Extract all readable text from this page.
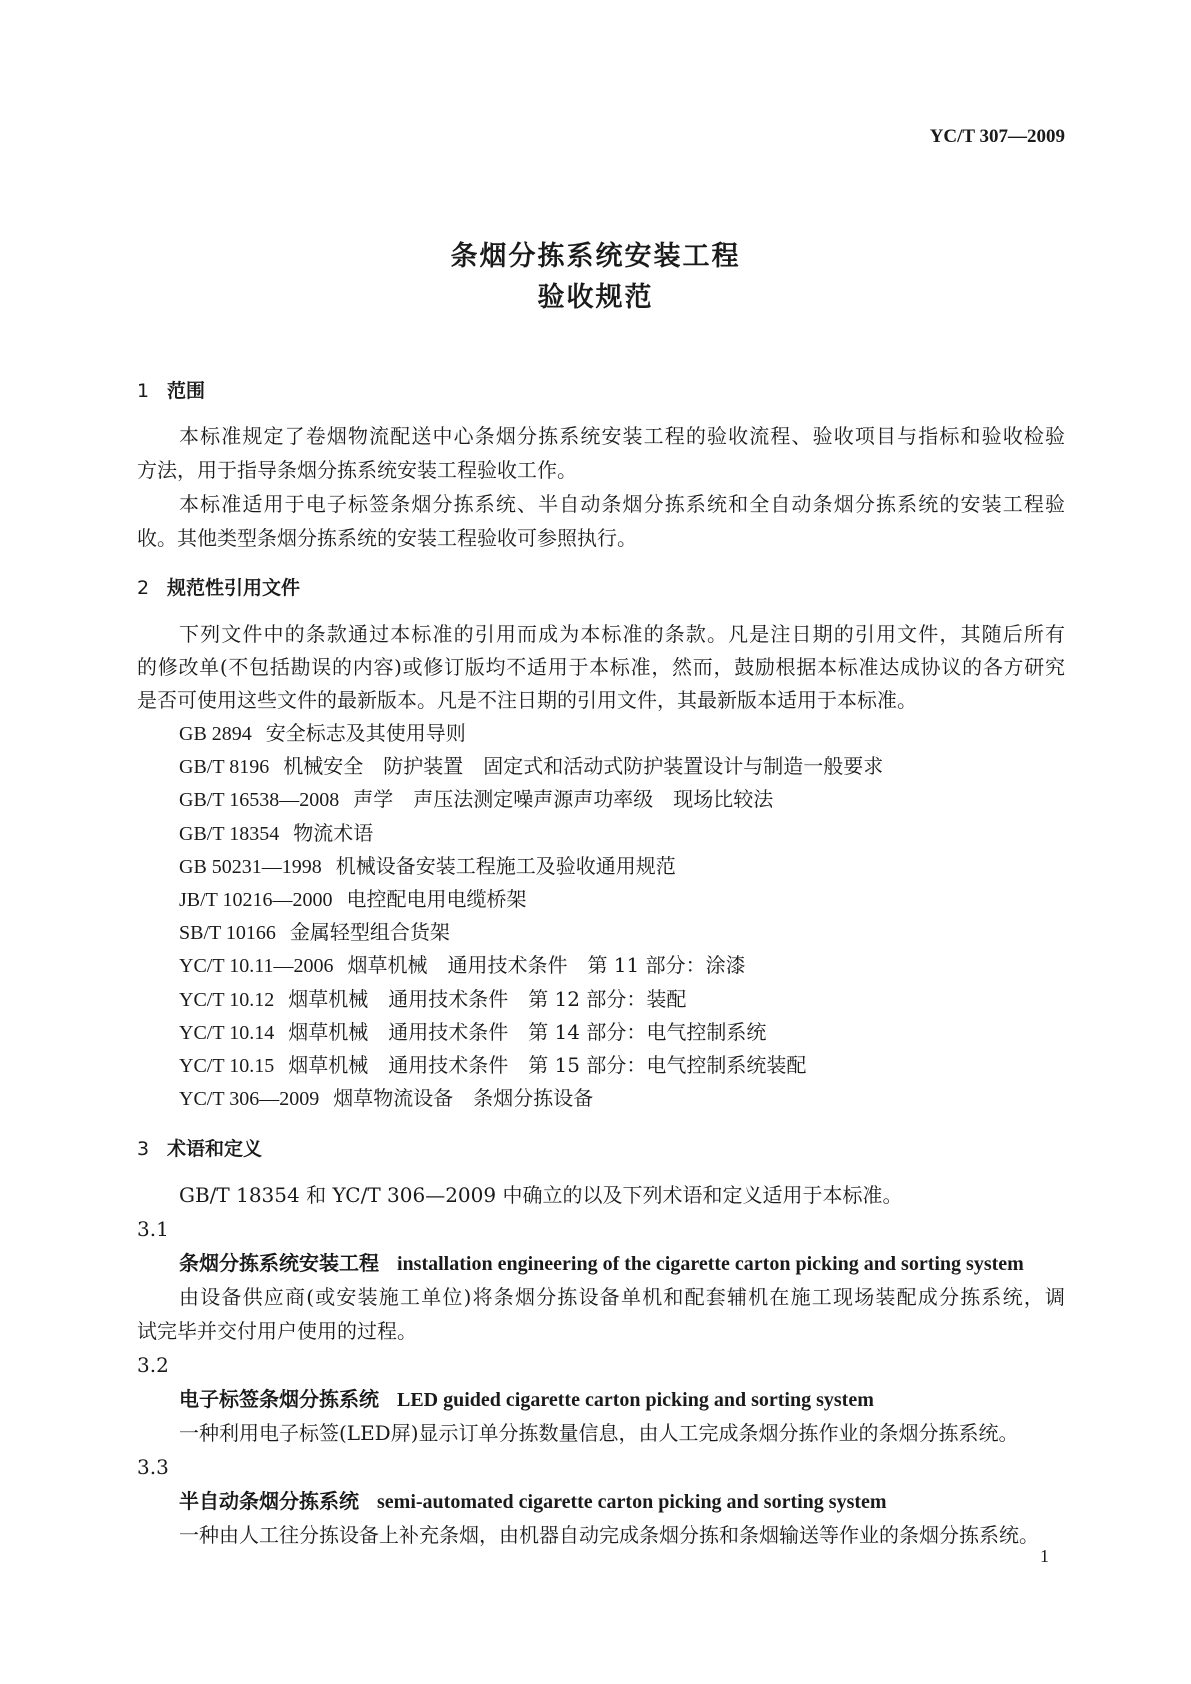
YC/T 307—2009
条烟分拣系统安装工程
验收规范
1 范围
本标准规定了卷烟物流配送中心条烟分拣系统安装工程的验收流程、验收项目与指标和验收检验
方法，用于指导条烟分拣系统安装工程验收工作。
本标准适用于电子标签条烟分拣系统、半自动条烟分拣系统和全自动条烟分拣系统的安装工程验
收。其他类型条烟分拣系统的安装工程验收可参照执行。
2 规范性引用文件
下列文件中的条款通过本标准的引用而成为本标准的条款。凡是注日期的引用文件，其随后所有
的修改单(不包括勘误的内容)或修订版均不适用于本标准，然而，鼓励根据本标准达成协议的各方研究
是否可使用这些文件的最新版本。凡是不注日期的引用文件，其最新版本适用于本标准。
GB 2894 安全标志及其使用导则
GB/T 8196 机械安全　防护装置　固定式和活动式防护装置设计与制造一般要求
GB/T 16538—2008 声学　声压法测定噪声源声功率级　现场比较法
GB/T 18354 物流术语
GB 50231—1998 机械设备安装工程施工及验收通用规范
JB/T 10216—2000 电控配电用电缆桥架
SB/T 10166 金属轻型组合货架
YC/T 10.11—2006 烟草机械　通用技术条件　第 11 部分：涂漆
YC/T 10.12 烟草机械　通用技术条件　第 12 部分：装配
YC/T 10.14 烟草机械　通用技术条件　第 14 部分：电气控制系统
YC/T 10.15 烟草机械　通用技术条件　第 15 部分：电气控制系统装配
YC/T 306—2009 烟草物流设备　条烟分拣设备
3 术语和定义
GB/T 18354 和 YC/T 306—2009 中确立的以及下列术语和定义适用于本标准。
3.1
条烟分拣系统安装工程 installation engineering of the cigarette carton picking and sorting system
由设备供应商(或安装施工单位)将条烟分拣设备单机和配套辅机在施工现场装配成分拣系统，调
试完毕并交付用户使用的过程。
3.2
电子标签条烟分拣系统 LED guided cigarette carton picking and sorting system
一种利用电子标签(LED屏)显示订单分拣数量信息，由人工完成条烟分拣作业的条烟分拣系统。
3.3
半自动条烟分拣系统 semi-automated cigarette carton picking and sorting system
一种由人工往分拣设备上补充条烟，由机器自动完成条烟分拣和条烟输送等作业的条烟分拣系统。
1
